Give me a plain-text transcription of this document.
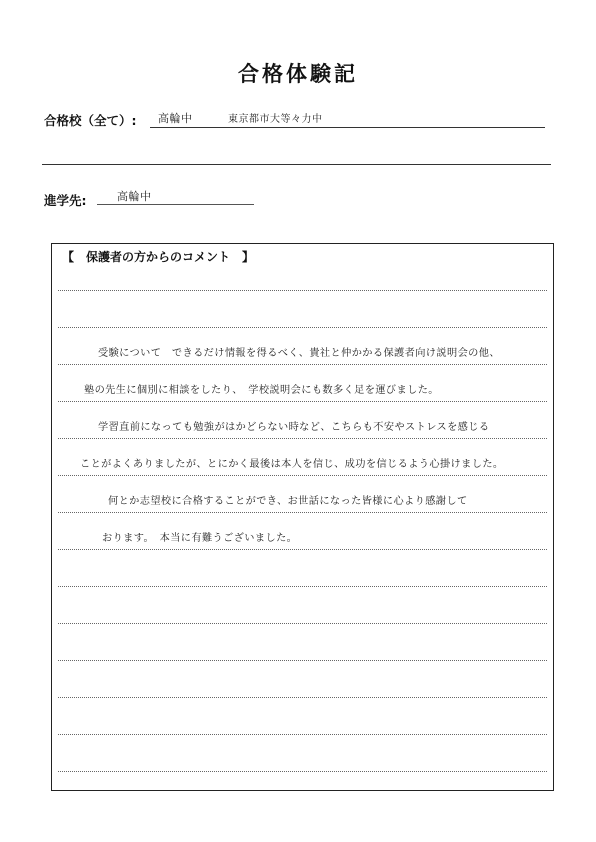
合格体験記
合格校（全て）: 高輪中	東京都市大等々力中
進学先:	高輪中
【　保護者の方からのコメント　】
受験について　できるだけ情報を得るべく、貴社と仲かかる保護者向け説明会の他、
塾の先生に個別に相談をしたり、　学校説明会にも数多く足を運びました。
学習直前になっても勉強がはかどらない時など、こちらも不安やストレスを感じる
ことがよくありましたが、とにかく最後は本人を信じ、成功を信じるよう心掛けました。
何とか志望校に合格することができ、お世話になった皆様に心より感謝して
おります。　本当に有難うございました。
